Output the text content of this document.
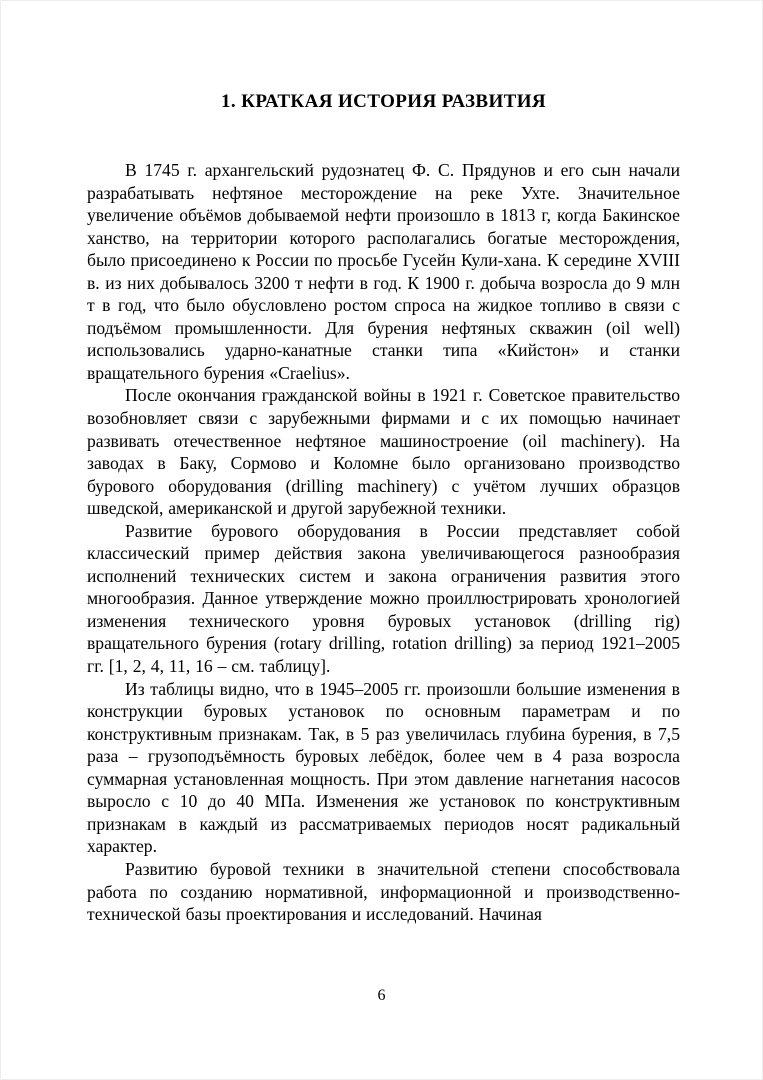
1. КРАТКАЯ ИСТОРИЯ РАЗВИТИЯ

В 1745 г. архангельский рудознатец Ф. С. Прядунов и его сын начали разрабатывать нефтяное месторождение на реке Ухте. Значительное увеличение объёмов добываемой нефти произошло в 1813 г, когда Бакинское ханство, на территории которого располагались богатые месторождения, было присоединено к России по просьбе Гусейн Кули-хана. К середине XVIII в. из них добывалось 3200 т нефти в год. К 1900 г. добыча возросла до 9 млн т в год, что было обусловлено ростом спроса на жидкое топливо в связи с подъёмом промышленности. Для бурения нефтяных скважин (oil well) использовались ударно-канатные станки типа «Кийстон» и станки вращательного бурения «Craelius».

После окончания гражданской войны в 1921 г. Советское правительство возобновляет связи с зарубежными фирмами и с их помощью начинает развивать отечественное нефтяное машиностроение (oil machinery). На заводах в Баку, Сормово и Коломне было организовано производство бурового оборудования (drilling machinery) с учётом лучших образцов шведской, американской и другой зарубежной техники.

Развитие бурового оборудования в России представляет собой классический пример действия закона увеличивающегося разнообразия исполнений технических систем и закона ограничения развития этого многообразия. Данное утверждение можно проиллюстрировать хронологией изменения технического уровня буровых установок (drilling rig) вращательного бурения (rotary drilling, rotation drilling) за период 1921–2005 гг. [1, 2, 4, 11, 16 – см. таблицу].

Из таблицы видно, что в 1945–2005 гг. произошли большие изменения в конструкции буровых установок по основным параметрам и по конструктивным признакам. Так, в 5 раз увеличилась глубина бурения, в 7,5 раза – грузоподъёмность буровых лебёдок, более чем в 4 раза возросла суммарная установленная мощность. При этом давление нагнетания насосов выросло с 10 до 40 МПа. Изменения же установок по конструктивным признакам в каждый из рассматриваемых периодов носят радикальный характер.

Развитию буровой техники в значительной степени способствовала работа по созданию нормативной, информационной и производственно-технической базы проектирования и исследований. Начиная

6
